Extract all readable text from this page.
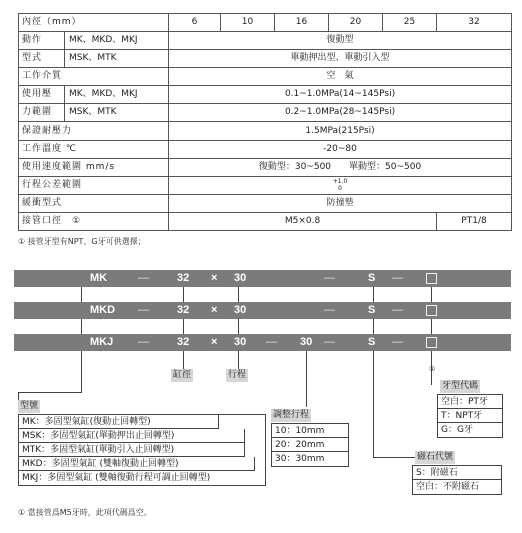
內徑（mm）		6	10	16	20	25	32
動作	MK、MKD、MKJ	復動型					
型式	MSK、MTK	單動押出型、單動引入型					
工作介質		空　氣					
使用壓	MK、MKD、MKJ	0.1~1.0MPa(14~145Psi)					
力範圍	MSK、MTK	0.2~1.0MPa(28~145Psi)					
保證耐壓力		1.5MPa(215Psi)					
工作溫度 ℃		-20~80					
使用速度範圍 mm/s		復動型：30~500　　單動型：50~500					
行程公差範圍		+1.0
0					

緩衝型式		防撞墊					
接管口徑　①		M5×0.8					PT1/8
① 接管牙型有NPT、G牙可供選擇；
MK	—	32 × 30	—	S —
MKD —	32 × 30	—	S —
MKJ —	32 × 30 — 30 —	S —
缸徑	行程
①
牙型代碼
空白：PT牙
T：NPT牙
G：G牙
型號
MK：多固型氣缸(復動止回轉型)
MSK：多固型氣缸(單動押出止回轉型)
MTK：多固型氣缸(單動引入止回轉型)
MKD：多固型氣缸 (雙軸復動止回轉型)
MKJ：多固型氣缸 (雙軸復動行程可調止回轉型)
調整行程
10：10mm
20：20mm
30：30mm	磁石代號
S：附磁石
空白：不附磁石
① 當接管爲M5牙時，此項代碼爲空。
